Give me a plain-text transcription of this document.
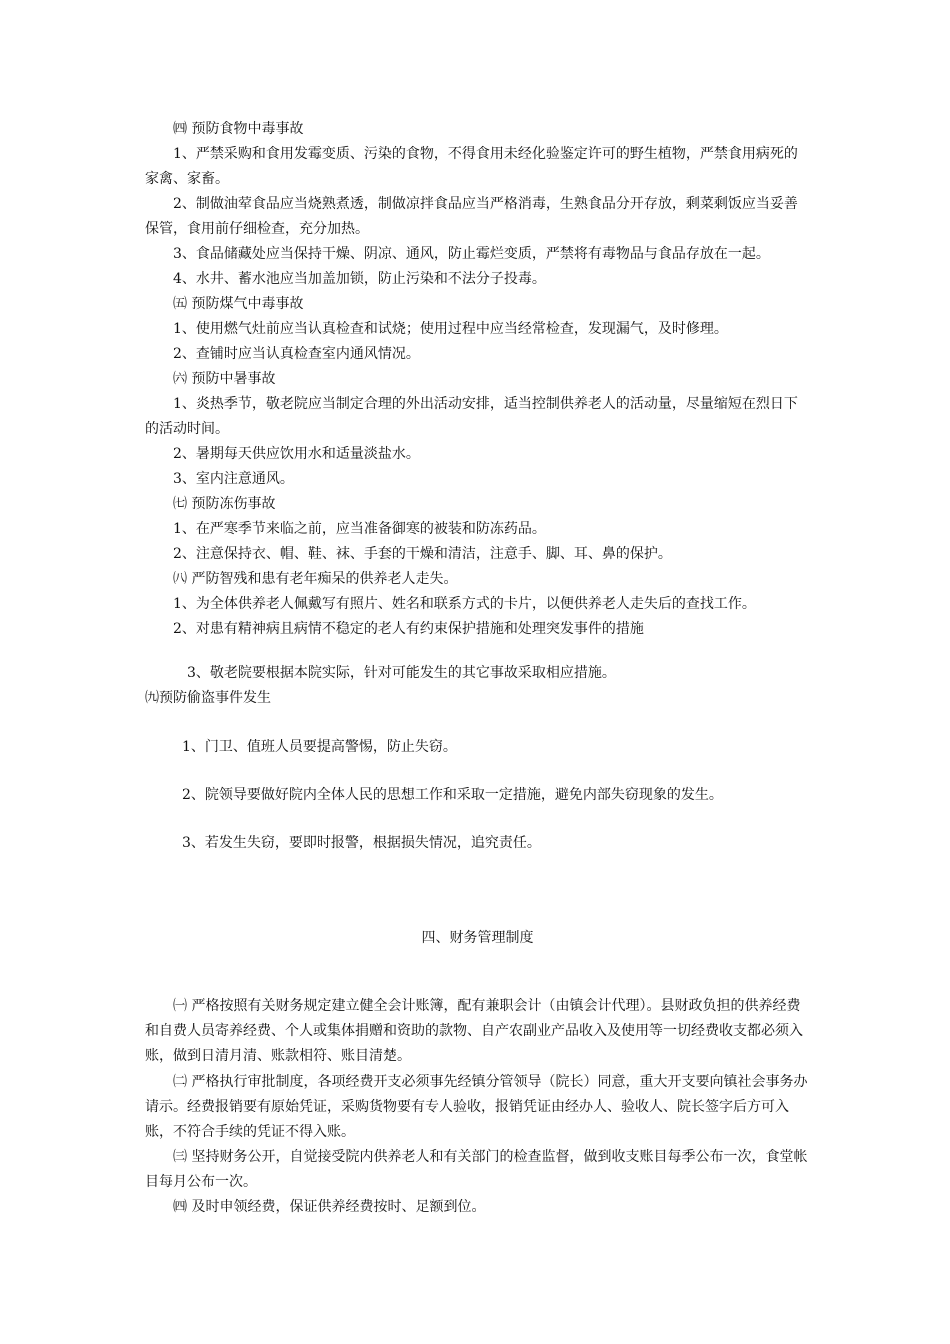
㈣ 预防食物中毒事故

1、严禁采购和食用发霉变质、污染的食物，不得食用未经化验鉴定许可的野生植物，严禁食用病死的家禽、家畜。

2、制做油荤食品应当烧熟煮透，制做凉拌食品应当严格消毒，生熟食品分开存放，剩菜剩饭应当妥善保管，食用前仔细检查，充分加热。

3、食品储藏处应当保持干燥、阴凉、通风，防止霉烂变质，严禁将有毒物品与食品存放在一起。

4、水井、蓄水池应当加盖加锁，防止污染和不法分子投毒。

㈤ 预防煤气中毒事故

1、使用燃气灶前应当认真检查和试烧；使用过程中应当经常检查，发现漏气，及时修理。

2、查铺时应当认真检查室内通风情况。

㈥ 预防中暑事故

1、炎热季节，敬老院应当制定合理的外出活动安排，适当控制供养老人的活动量，尽量缩短在烈日下的活动时间。

2、暑期每天供应饮用水和适量淡盐水。

3、室内注意通风。

㈦ 预防冻伤事故

1、在严寒季节来临之前，应当准备御寒的被装和防冻药品。

2、注意保持衣、帽、鞋、袜、手套的干燥和清洁，注意手、脚、耳、鼻的保护。

㈧ 严防智残和患有老年痴呆的供养老人走失。

1、为全体供养老人佩戴写有照片、姓名和联系方式的卡片，以便供养老人走失后的查找工作。

2、对患有精神病且病情不稳定的老人有约束保护措施和处理突发事件的措施

3、敬老院要根据本院实际，针对可能发生的其它事故采取相应措施。

㈨预防偷盗事件发生

1、门卫、值班人员要提高警惕，防止失窃。

2、院领导要做好院内全体人民的思想工作和采取一定措施，避免内部失窃现象的发生。

3、若发生失窃，要即时报警，根据损失情况，追究责任。

四、财务管理制度

㈠ 严格按照有关财务规定建立健全会计账簿，配有兼职会计（由镇会计代理）。县财政负担的供养经费和自费人员寄养经费、个人或集体捐赠和资助的款物、自产农副业产品收入及使用等一切经费收支都必须入账，做到日清月清、账款相符、账目清楚。

㈡ 严格执行审批制度，各项经费开支必须事先经镇分管领导（院长）同意，重大开支要向镇社会事务办请示。经费报销要有原始凭证，采购货物要有专人验收，报销凭证由经办人、验收人、院长签字后方可入账，不符合手续的凭证不得入账。

㈢ 坚持财务公开，自觉接受院内供养老人和有关部门的检查监督，做到收支账目每季公布一次，食堂帐目每月公布一次。

㈣ 及时申领经费，保证供养经费按时、足额到位。
